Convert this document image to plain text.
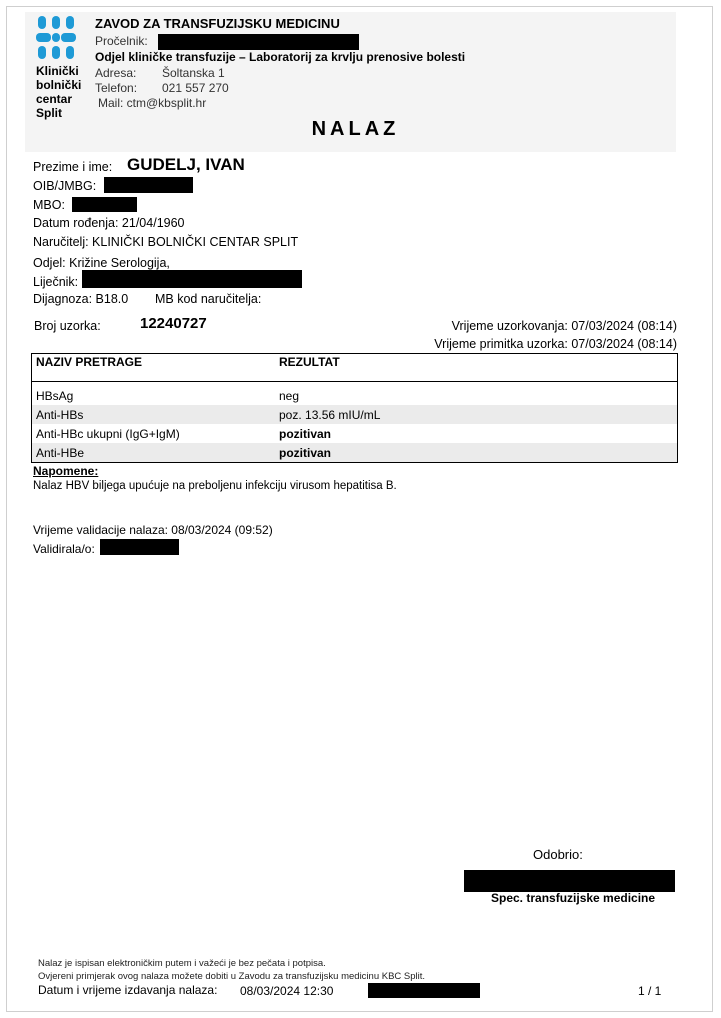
Klinički
bolnički
centar
Split
ZAVOD ZA TRANSFUZIJSKU MEDICINU
Pročelnik:
Odjel kliničke transfuzije – Laboratorij za krvlju prenosive bolesti
Adresa: Šoltanska 1
Telefon: 021 557 270
Mail: ctm@kbsplit.hr
NALAZ
Prezime i ime: GUDELJ, IVAN
OIB/JMBG:
MBO:
Datum rođenja: 21/04/1960
Naručitelj: KLINIČKI BOLNIČKI CENTAR SPLIT
Odjel: Križine Serologija,
Liječnik:
Dijagnoza: B18.0 MB kod naručitelja:
Broj uzorka:	12240727	Vrijeme uzorkovanja: 07/03/2024 (08:14)
Vrijeme primitka uzorka: 07/03/2024 (08:14)
NAZIV PRETRAGE	REZULTAT

HBsAg	neg
Anti-HBs	poz. 13.56 mIU/mL
Anti-HBc ukupni (IgG+IgM)	pozitivan
Anti-HBe	pozitivan
Napomene:
Nalaz HBV biljega upućuje na preboljenu infekciju virusom hepatitisa B.
Vrijeme validacije nalaza: 08/03/2024 (09:52)
Validirala/o:
Odobrio:
Spec. transfuzijske medicine
Nalaz je ispisan elektroničkim putem i važeći je bez pečata i potpisa.
Ovjereni primjerak ovog nalaza možete dobiti u Zavodu za transfuzijsku medicinu KBC Split.
Datum i vrijeme izdavanja nalaza: 08/03/2024 12:30	1 / 1
